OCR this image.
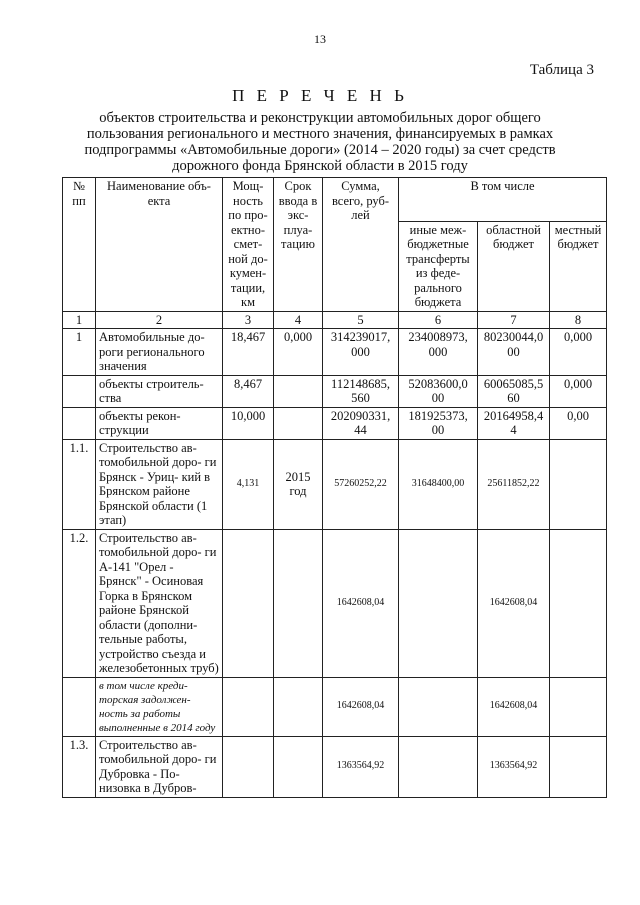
13
Таблица 3
П Е Р Е Ч Е Н Ь
объектов строительства и реконструкции автомобильных дорог общего пользования регионального и местного значения, финансируемых в рамках подпрограммы «Автомобильные дороги» (2014 – 2020 годы) за счет средств дорожного фонда Брянской области в 2015 году
№ пп	Наименование объ- екта	Мощ- ность по про- ектно- смет- ной до- кумен- тации, км	Срок ввода в экс- плуа- тацию	Сумма, всего, руб- лей	В том числе		
					иные меж- бюджетные трансферты из феде- рального бюджета	областной бюджет	местный бюджет
1	2	3	4	5	6	7	8
1	Автомобильные до- роги регионального значения	18,467	0,000	314239017, 000	234008973, 000	80230044,0 00	0,000
	объекты строитель- ства	8,467		112148685, 560	52083600,0 00	60065085,5 60	0,000
	объекты рекон- струкции	10,000		202090331, 44	181925373, 00	20164958,4 4	0,00
1.1.	Строительство ав- томобильной доро- ги Брянск - Уриц- кий в Брянском районе Брянской области (1 этап)	4,131	2015 год	57260252,22	31648400,00	25611852,22	
1.2.	Строительство ав- томобильной доро- ги А-141 "Орел - Брянск" - Осиновая Горка в Брянском районе Брянской области (дополни- тельные работы, устройство съезда и железобетонных труб)			1642608,04		1642608,04	
	в том числе креди- торская задолжен- ность за работы выполненные в 2014 году			1642608,04		1642608,04	
1.3.	Строительство ав- томобильной доро- ги Дубровка - По- низовка в Дубров-			1363564,92		1363564,92	
